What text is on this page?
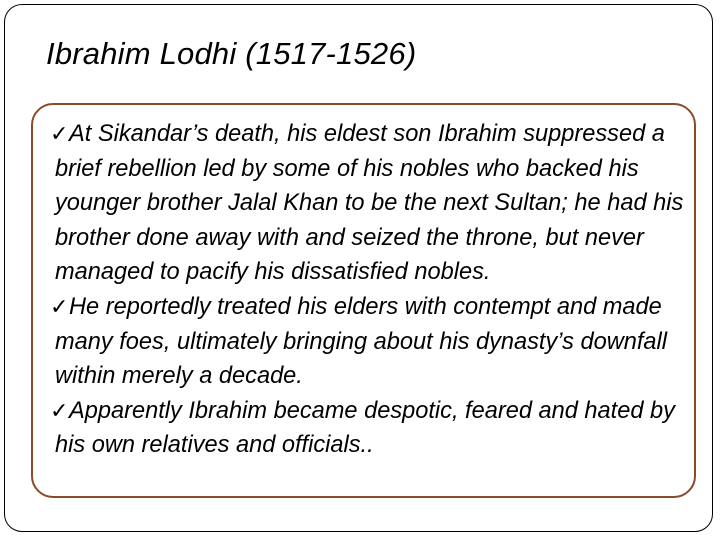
Ibrahim Lodhi (1517-1526)

✓At Sikandar’s death, his eldest son Ibrahim suppressed a brief rebellion led by some of his nobles who backed his younger brother Jalal Khan to be the next Sultan; he had his brother done away with and seized the throne, but never managed to pacify his dissatisfied nobles.

✓He reportedly treated his elders with contempt and made many foes, ultimately bringing about his dynasty’s downfall within merely a decade.

✓Apparently Ibrahim became despotic, feared and hated by his own relatives and officials..
